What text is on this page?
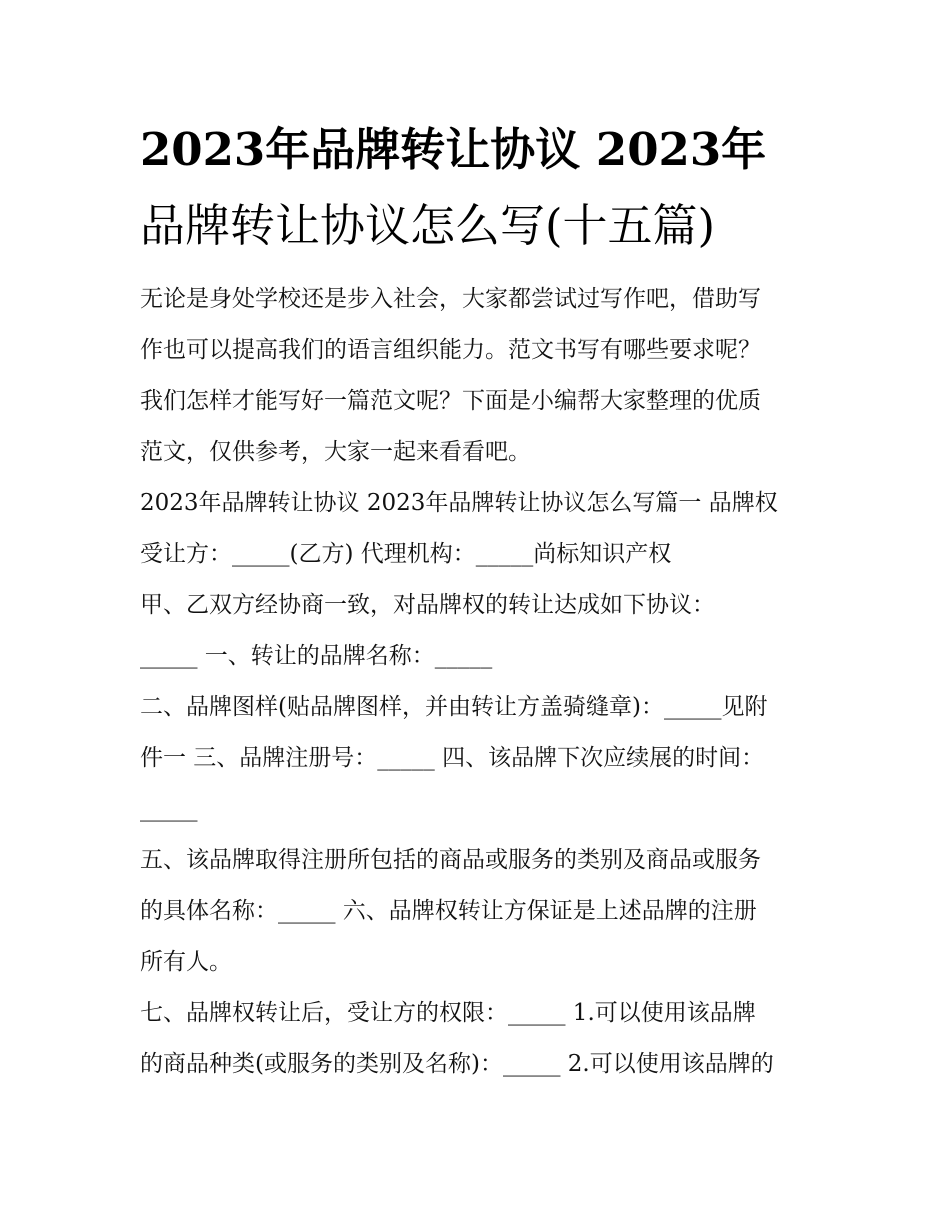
2023年品牌转让协议 2023年
品牌转让协议怎么写(十五篇)

无论是身处学校还是步入社会，大家都尝试过写作吧，借助写
作也可以提高我们的语言组织能力。范文书写有哪些要求呢？
我们怎样才能写好一篇范文呢？下面是小编帮大家整理的优质
范文，仅供参考，大家一起来看看吧。

2023年品牌转让协议 2023年品牌转让协议怎么写篇一 品牌权
受让方：_____(乙方) 代理机构：_____尚标知识产权

甲、乙双方经协商一致，对品牌权的转让达成如下协议：
_____ 一、转让的品牌名称：_____

二、品牌图样(贴品牌图样，并由转让方盖骑缝章)：_____见附
件一 三、品牌注册号：_____ 四、该品牌下次应续展的时间：
_____

五、该品牌取得注册所包括的商品或服务的类别及商品或服务
的具体名称：_____ 六、品牌权转让方保证是上述品牌的注册
所有人。

七、品牌权转让后，受让方的权限：_____ 1.可以使用该品牌
的商品种类(或服务的类别及名称)：_____ 2.可以使用该品牌的
